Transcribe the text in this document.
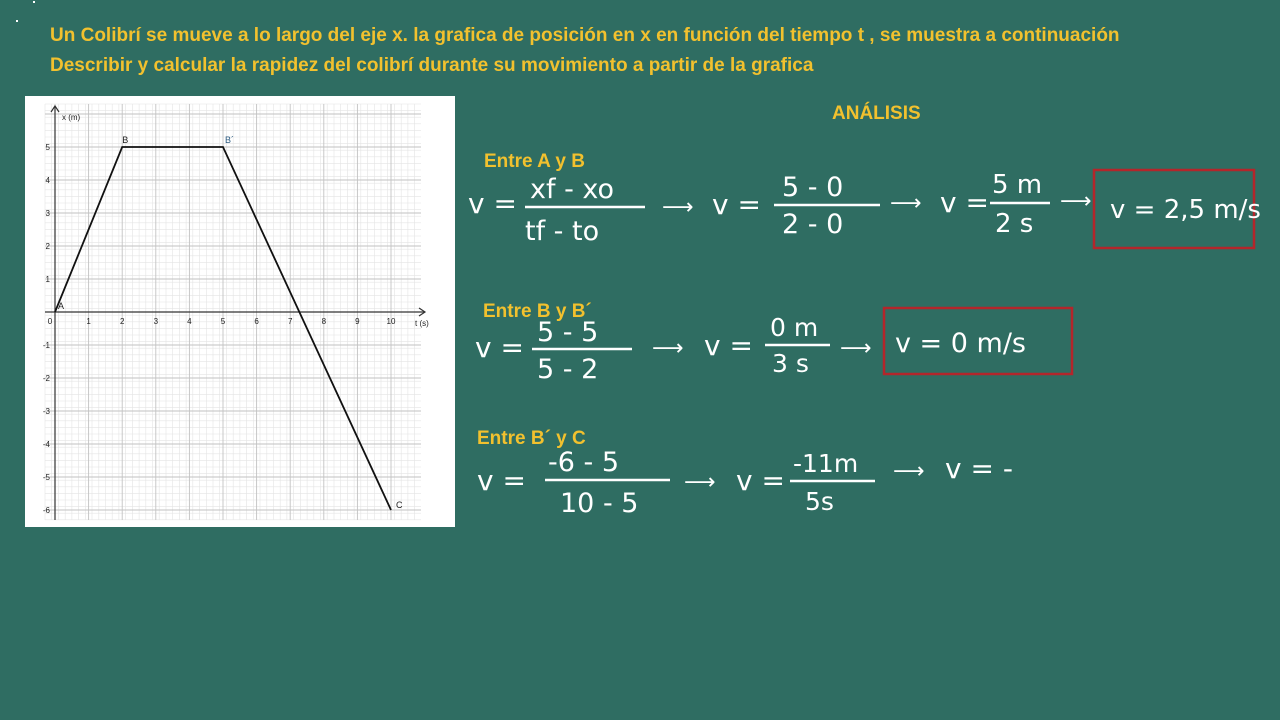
Un Colibrí se mueve a lo largo del eje x. la grafica de posición en x en función del tiempo t , se muestra a continuación
Describir y calcular la rapidez del colibrí durante su movimiento a partir de la grafica
0	1	2	3	4	5	6	7	8	9	10
5
4
3
2
1
-1
-2
-3
-4
-5
-6
t (s)
x (m)
A
B	B´
C
ANÁLISIS
Entre A y B
Entre B y B´
Entre B´ y C
v = xf - xo
tf - to
⟶ v =
5 - 0
2 - 0
⟶ v =
5 m
2 s
⟶ v = 2,5 m/s
v = 5 - 5
5 - 2
⟶ v =
0 m
3 s
⟶ v = 0 m/s
v =
-6 - 5
10 - 5
⟶ v =
-11m
5s
⟶ v = -
